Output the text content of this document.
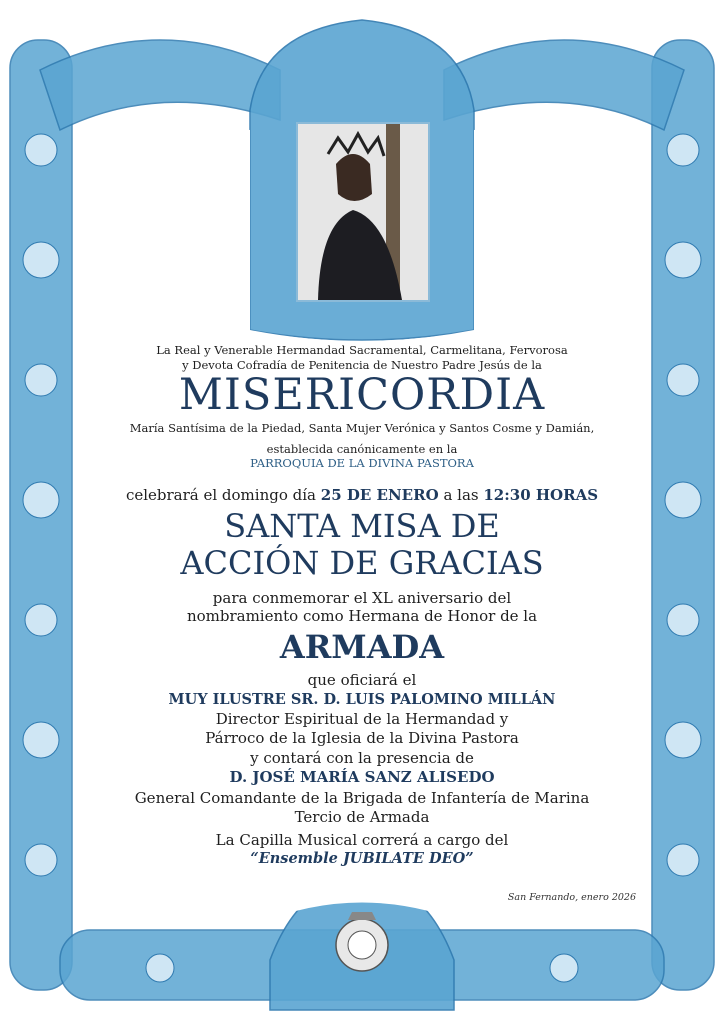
La Real y Venerable Hermandad Sacramental, Carmelitana, Fervorosa
y Devota Cofradía de Penitencia de Nuestro Padre Jesús de la
MISERICORDIA
María Santísima de la Piedad, Santa Mujer Verónica y Santos Cosme y Damián,
establecida canónicamente en la
PARROQUIA DE LA DIVINA PASTORA
celebrará el domingo día 25 DE ENERO a las 12:30 HORAS
SANTA MISA DE
ACCIÓN DE GRACIAS
para conmemorar el XL aniversario del
nombramiento como Hermana de Honor de la
ARMADA
que oficiará el
MUY ILUSTRE SR. D. LUIS PALOMINO MILLÁN
Director Espiritual de la Hermandad y
Párroco de la Iglesia de la Divina Pastora
y contará con la presencia de
D. JOSÉ MARÍA SANZ ALISEDO
General Comandante de la Brigada de Infantería de Marina
Tercio de Armada
La Capilla Musical correrá a cargo del
“Ensemble JUBILATE DEO”
San Fernando, enero 2026
